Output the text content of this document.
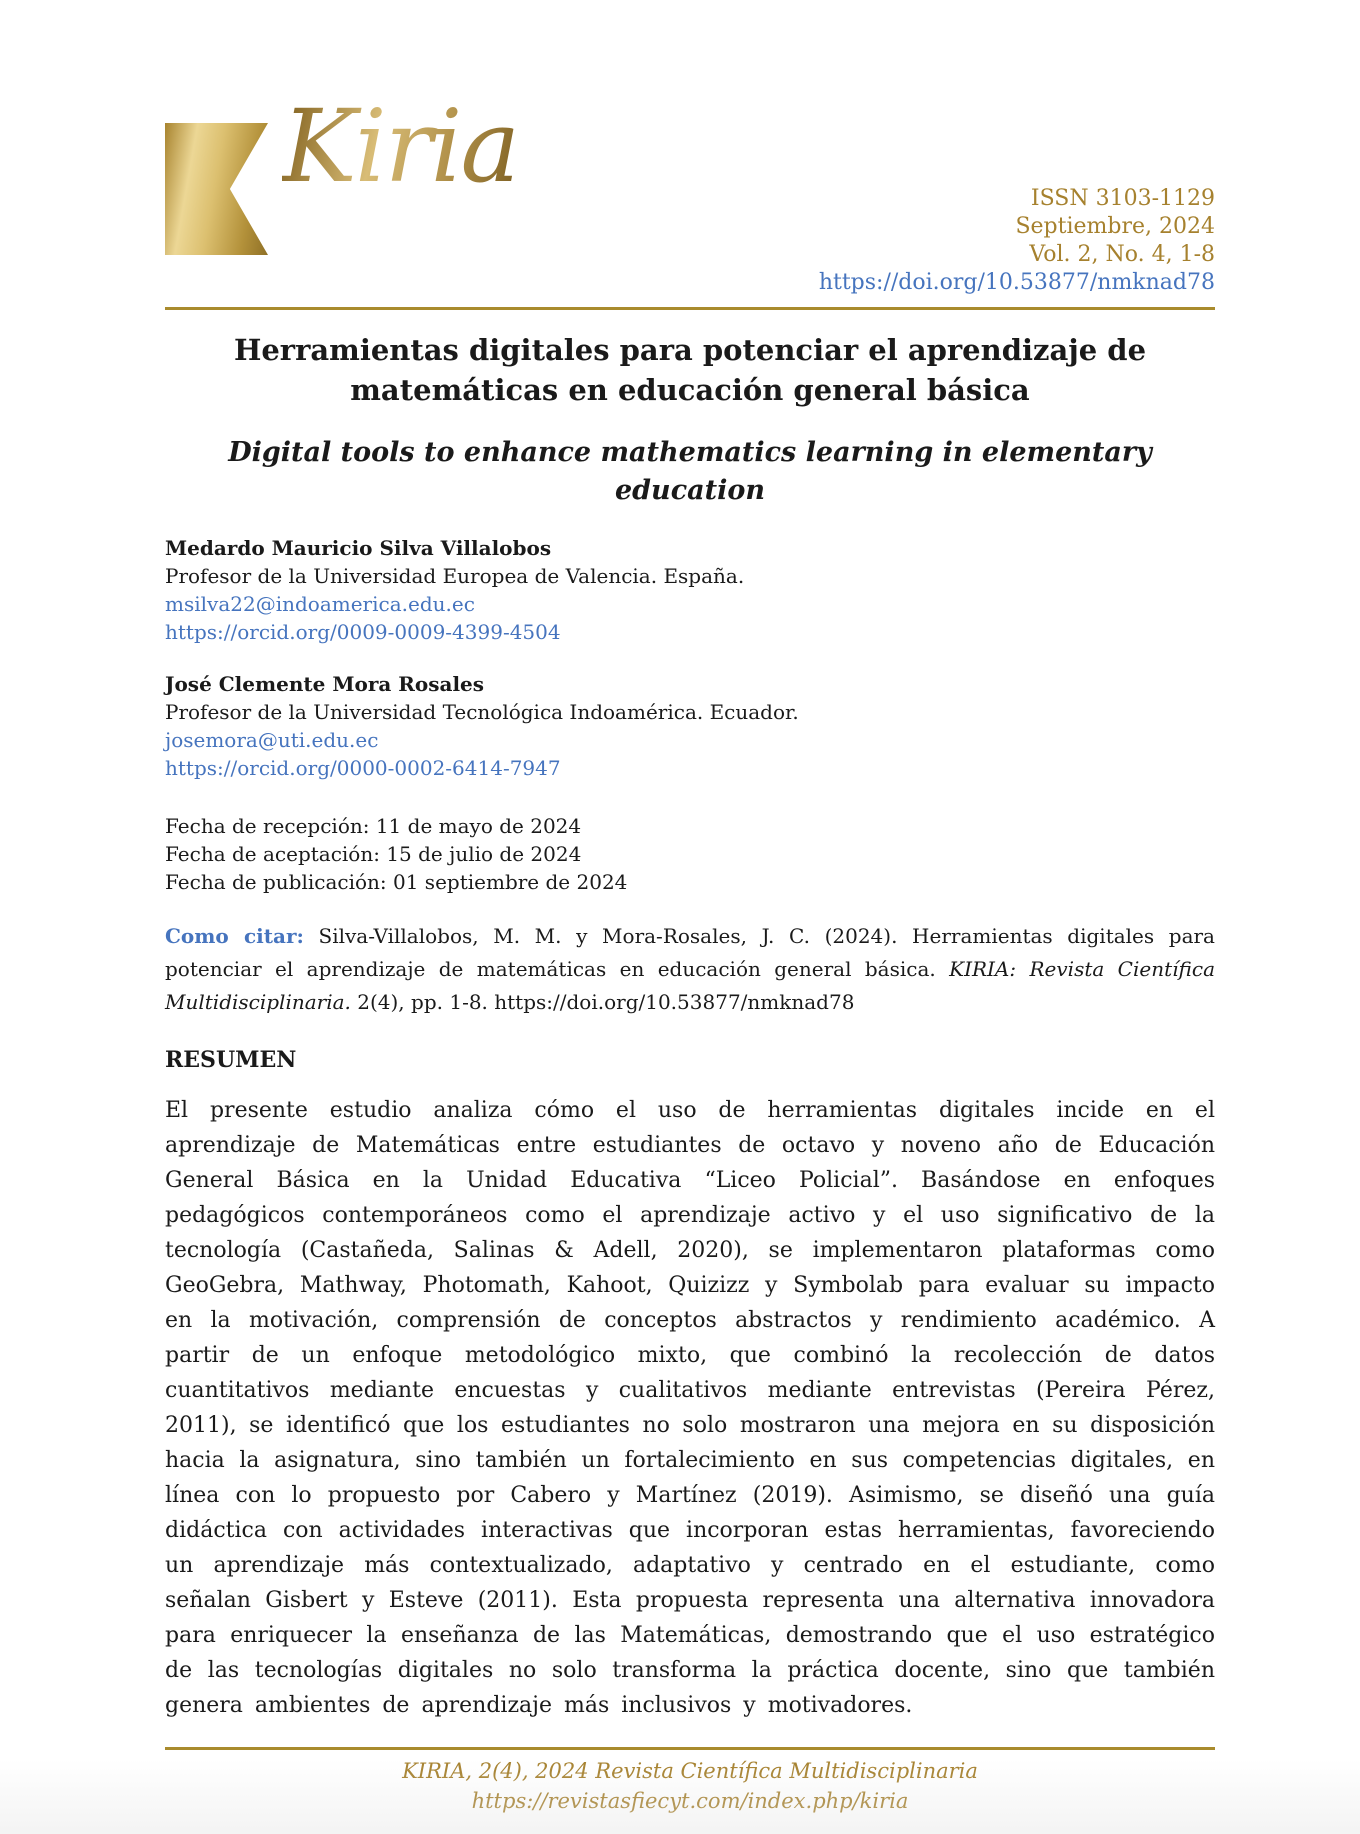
Kiria	ISSN 3103-1129
Septiembre, 2024
Vol. 2, No. 4, 1-8
https://doi.org/10.53877/nmknad78
Herramientas digitales para potenciar el aprendizaje de matemáticas en educación general básica
Digital tools to enhance mathematics learning in elementary education
Medardo Mauricio Silva Villalobos
Profesor de la Universidad Europea de Valencia. España.
msilva22@indoamerica.edu.ec
https://orcid.org/0009-0009-4399-4504
José Clemente Mora Rosales
Profesor de la Universidad Tecnológica Indoamérica. Ecuador.
josemora@uti.edu.ec
https://orcid.org/0000-0002-6414-7947
Fecha de recepción: 11 de mayo de 2024
Fecha de aceptación: 15 de julio de 2024
Fecha de publicación: 01 septiembre de 2024

Como citar: Silva-Villalobos, M. M. y Mora-Rosales, J. C. (2024). Herramientas digitales para potenciar el aprendizaje de matemáticas en educación general básica. KIRIA: Revista Científica Multidisciplinaria. 2(4), pp. 1-8. https://doi.org/10.53877/nmknad78

RESUMEN

El presente estudio analiza cómo el uso de herramientas digitales incide en el aprendizaje de Matemáticas entre estudiantes de octavo y noveno año de Educación General Básica en la Unidad Educativa “Liceo Policial”. Basándose en enfoques pedagógicos contemporáneos como el aprendizaje activo y el uso significativo de la tecnología (Castañeda, Salinas & Adell, 2020), se implementaron plataformas como GeoGebra, Mathway, Photomath, Kahoot, Quizizz y Symbolab para evaluar su impacto en la motivación, comprensión de conceptos abstractos y rendimiento académico. A partir de un enfoque metodológico mixto, que combinó la recolección de datos cuantitativos mediante encuestas y cualitativos mediante entrevistas (Pereira Pérez, 2011), se identificó que los estudiantes no solo mostraron una mejora en su disposición hacia la asignatura, sino también un fortalecimiento en sus competencias digitales, en línea con lo propuesto por Cabero y Martínez (2019). Asimismo, se diseñó una guía didáctica con actividades interactivas que incorporan estas herramientas, favoreciendo un aprendizaje más contextualizado, adaptativo y centrado en el estudiante, como señalan Gisbert y Esteve (2011). Esta propuesta representa una alternativa innovadora para enriquecer la enseñanza de las Matemáticas, demostrando que el uso estratégico de las tecnologías digitales no solo transforma la práctica docente, sino que también genera ambientes de aprendizaje más inclusivos y motivadores.

KIRIA, 2(4), 2024 Revista Científica Multidisciplinaria
https://revistasfiecyt.com/index.php/kiria
